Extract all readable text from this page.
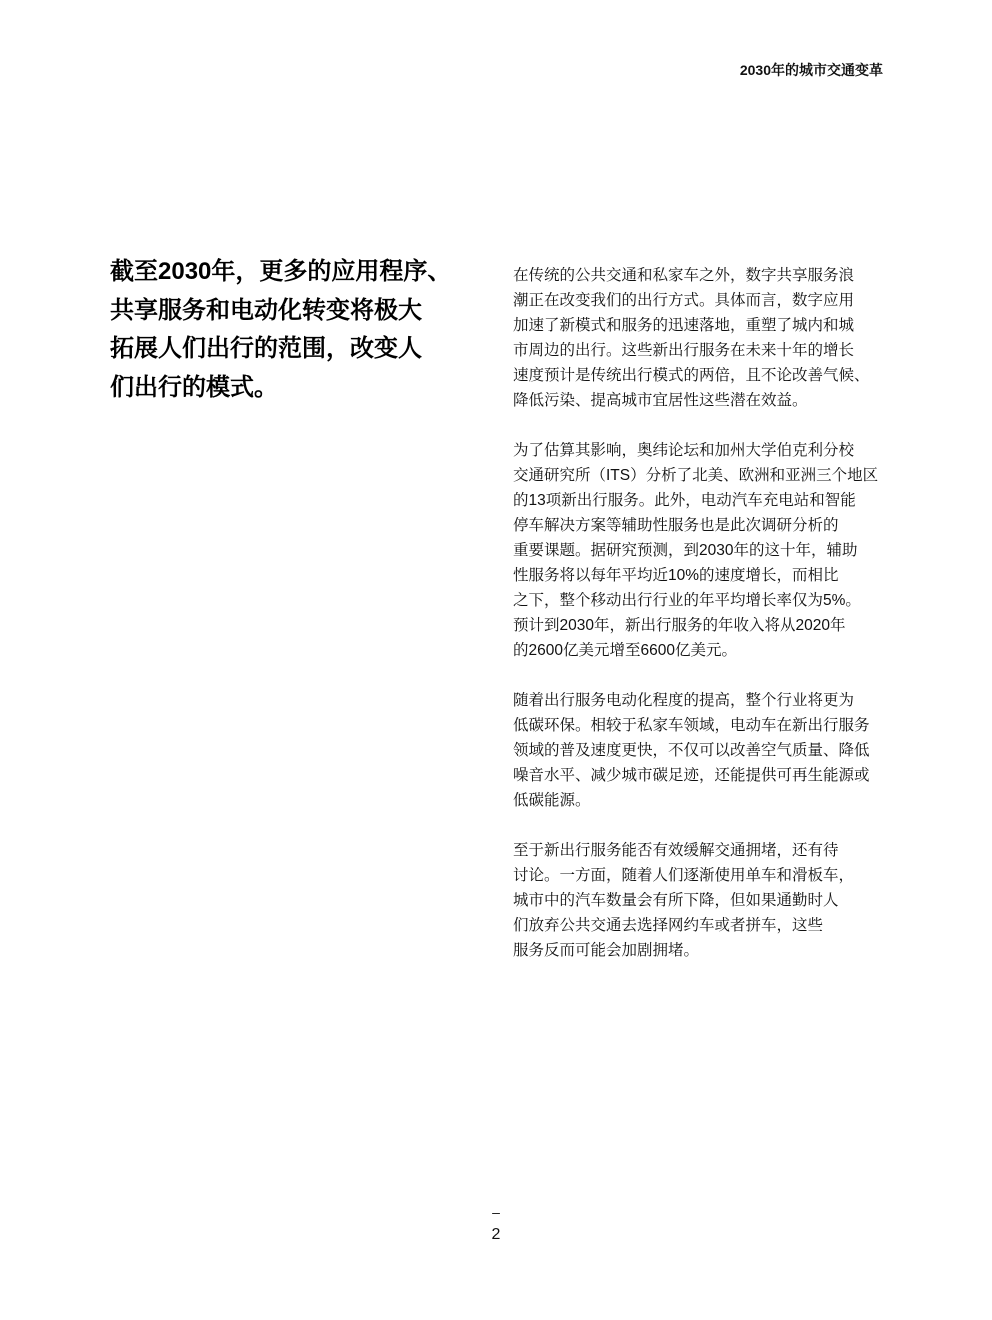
2030年的城市交通变革
截至2030年，更多的应用程序、
共享服务和电动化转变将极大
拓展人们出行的范围，改变人
们出行的模式。

在传统的公共交通和私家车之外，数字共享服务浪
潮正在改变我们的出行方式。具体而言，数字应用
加速了新模式和服务的迅速落地，重塑了城内和城
市周边的出行。这些新出行服务在未来十年的增长
速度预计是传统出行模式的两倍，且不论改善气候、
降低污染、提高城市宜居性这些潜在效益。

为了估算其影响，奥纬论坛和加州大学伯克利分校
交通研究所（ITS）分析了北美、欧洲和亚洲三个地区
的13项新出行服务。此外，电动汽车充电站和智能
停车解决方案等辅助性服务也是此次调研分析的
重要课题。据研究预测，到2030年的这十年，辅助
性服务将以每年平均近10%的速度增长，而相比
之下，整个移动出行行业的年平均增长率仅为5%。
预计到2030年，新出行服务的年收入将从2020年
的2600亿美元增至6600亿美元。

随着出行服务电动化程度的提高，整个行业将更为
低碳环保。相较于私家车领域，电动车在新出行服务
领域的普及速度更快，不仅可以改善空气质量、降低
噪音水平、减少城市碳足迹，还能提供可再生能源或
低碳能源。

至于新出行服务能否有效缓解交通拥堵，还有待
讨论。一方面，随着人们逐渐使用单车和滑板车，
城市中的汽车数量会有所下降，但如果通勤时人
们放弃公共交通去选择网约车或者拼车，这些
服务反而可能会加剧拥堵。

–
2
